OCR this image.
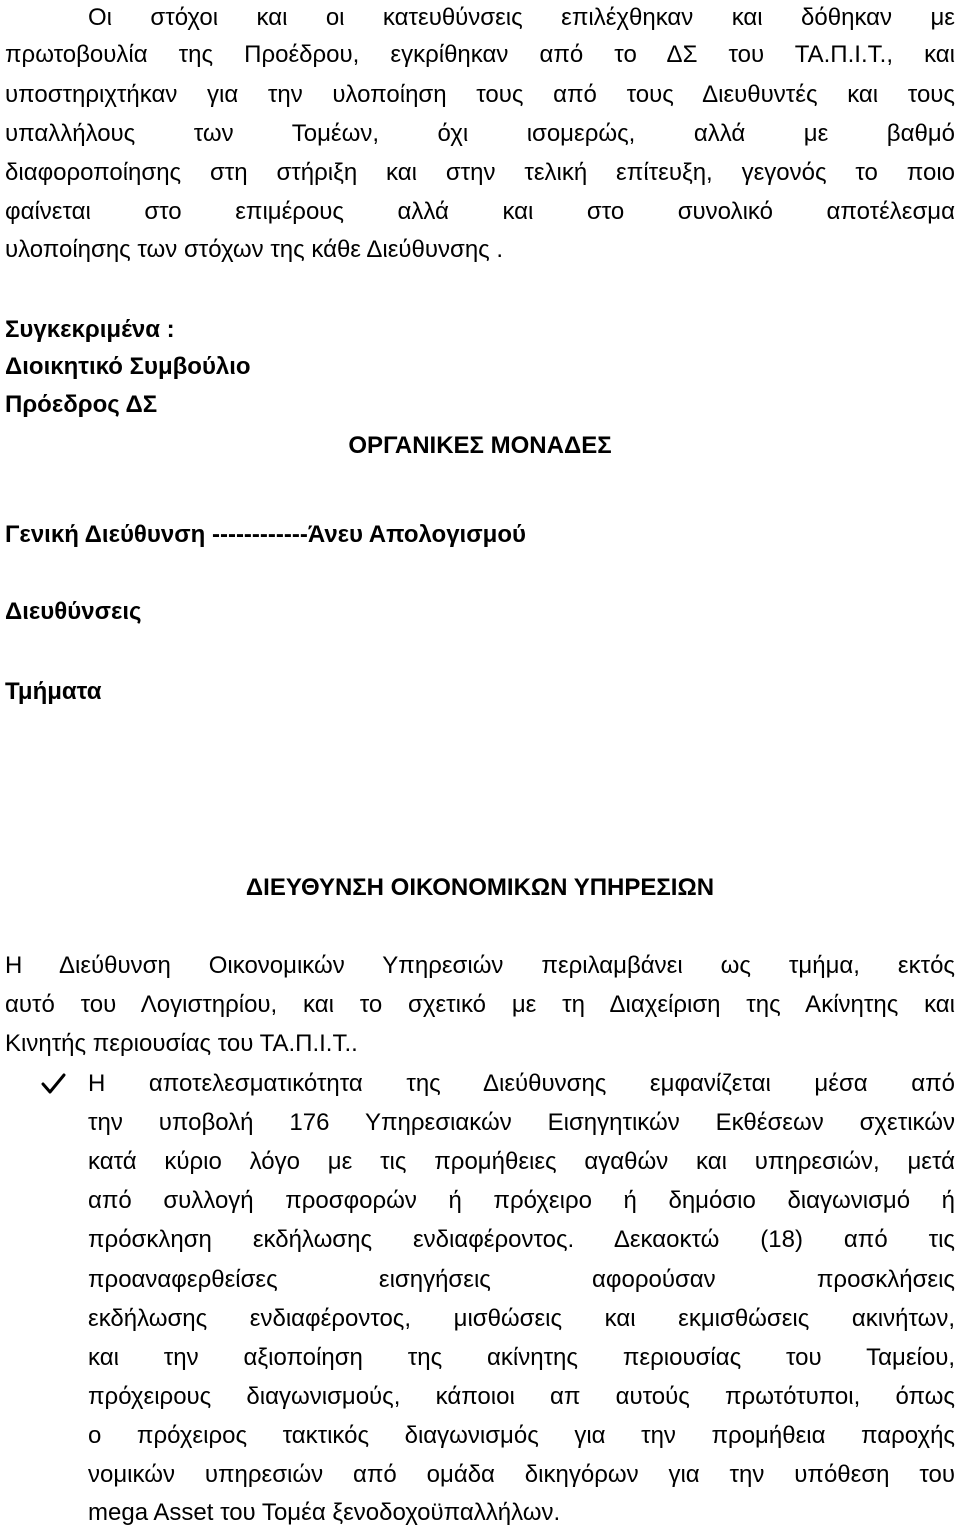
Οι στόχοι και οι κατευθύνσεις επιλέχθηκαν και δόθηκαν με
πρωτοβουλία της Προέδρου, εγκρίθηκαν από το ΔΣ του ΤΑ.Π.Ι.Τ., και
υποστηριχτήκαν για την υλοποίηση τους από τους Διευθυντές και τους
υπαλλήλους των Τομέων, όχι ισομερώς, αλλά με βαθμό
διαφοροποίησης στη στήριξη και στην τελική επίτευξη, γεγονός το ποιο
φαίνεται στο επιμέρους αλλά και στο συνολικό αποτέλεσμα
υλοποίησης των στόχων της κάθε Διεύθυνσης .
Συγκεκριμένα :
Διοικητικό Συμβούλιο
Πρόεδρος ΔΣ
ΟΡΓΑΝΙΚΕΣ ΜΟΝΑΔΕΣ
Γενική Διεύθυνση ------------Άνευ Απολογισμού
Διευθύνσεις
Τμήματα
ΔΙΕΥΘΥΝΣΗ ΟΙΚΟΝΟΜΙΚΩΝ ΥΠΗΡΕΣΙΩΝ
Η Διεύθυνση Οικονομικών Υπηρεσιών περιλαμβάνει ως τμήμα, εκτός
αυτό του Λογιστηρίου, και το σχετικό με τη Διαχείριση της Ακίνητης και
Κινητής περιουσίας του ΤΑ.Π.Ι.Τ..
Η αποτελεσματικότητα της Διεύθυνσης εμφανίζεται μέσα από
την υποβολή 176 Υπηρεσιακών Εισηγητικών Εκθέσεων σχετικών
κατά κύριο λόγο με τις προμήθειες αγαθών και υπηρεσιών, μετά
από συλλογή προσφορών ή πρόχειρο ή δημόσιο διαγωνισμό ή
πρόσκληση εκδήλωσης ενδιαφέροντος. Δεκαοκτώ (18) από τις
προαναφερθείσες εισηγήσεις αφορούσαν προσκλήσεις
εκδήλωσης ενδιαφέροντος, μισθώσεις και εκμισθώσεις ακινήτων,
και την αξιοποίηση της ακίνητης περιουσίας του Ταμείου,
πρόχειρους διαγωνισμούς, κάποιοι απ αυτούς πρωτότυποι, όπως
ο πρόχειρος τακτικός διαγωνισμός για την προμήθεια παροχής
νομικών υπηρεσιών από ομάδα δικηγόρων για την υπόθεση του
mega Asset του Τομέα ξενοδοχοϋπαλλήλων.
